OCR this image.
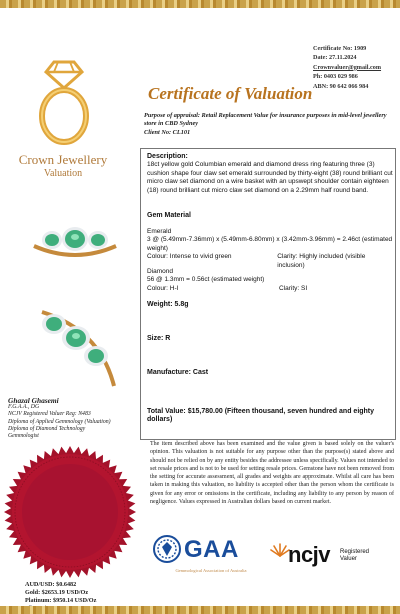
Certificate No: 1909
Date: 27.11.2024
Crownvaluer@gmail.com
Ph: 0403 029 986
ABN: 90 642 066 984
Crown Jewellery
Valuation
Certificate of Valuation
Purpose of appraisal: Retail Replacement Value for insurance purposes in mid-level jewellery store in CBD Sydney
Client No: CL101
Description:
18ct yellow gold Columbian emerald and diamond dress ring featuring three (3) cushion shape four claw set emerald surrounded by thirty-eight (38) round brilliant cut micro claw set diamond on a wire basket with an upswept shoulder contain eighteen (18) round brilliant cut micro claw set diamond on a 2.29mm half round band.
Gem Material
Emerald
3 @ (5.49mm-7.36mm) x (5.49mm-6.80mm) x (3.42mm-3.96mm) = 2.46ct (estimated weight)
Colour: Intense to vivid green	Clarity: Highly included (visible inclusion)
Diamond
56 @ 1.3mm = 0.56ct (estimated weight)
Colour: H-I	Clarity: SI
Weight: 5.8g
Size: R
Manufacture: Cast
Total Value: $15,780.00 (Fifteen thousand, seven hundred and eighty dollars)
Ghazal Ghasemi
F.G.A.A., DG
NCJV Registered Valuer Reg: N483
Diploma of Applied Gemmology (Valuation)
Diploma of Diamond Technology
Gemmologist
The item described above has been examined and the value given is based solely on the valuer's opinion. This valuation is not suitable for any purpose other than the purpose(s) stated above and should not be relied on by any entity besides the addressee unless specifically. Values not intended to set resale prices and is not to be used for setting resale prices. Gemstone have not been removed from the setting for accurate assessment, all grades and weights are approximate. Whilst all care has been taken in making this valuation, no liability is accepted other than the person whom the certificate is given for any error or omissions in the certificate, including any liability to any person by reason of negligence. Values expressed in Australian dollars based on current market.
AUD/USD: $0.6482
Gold: $2653.19 USD/Oz
Platinum: $950.14 USD/Oz
GAA
Gemmological Association of Australia
ncjv Registered
Valuer
